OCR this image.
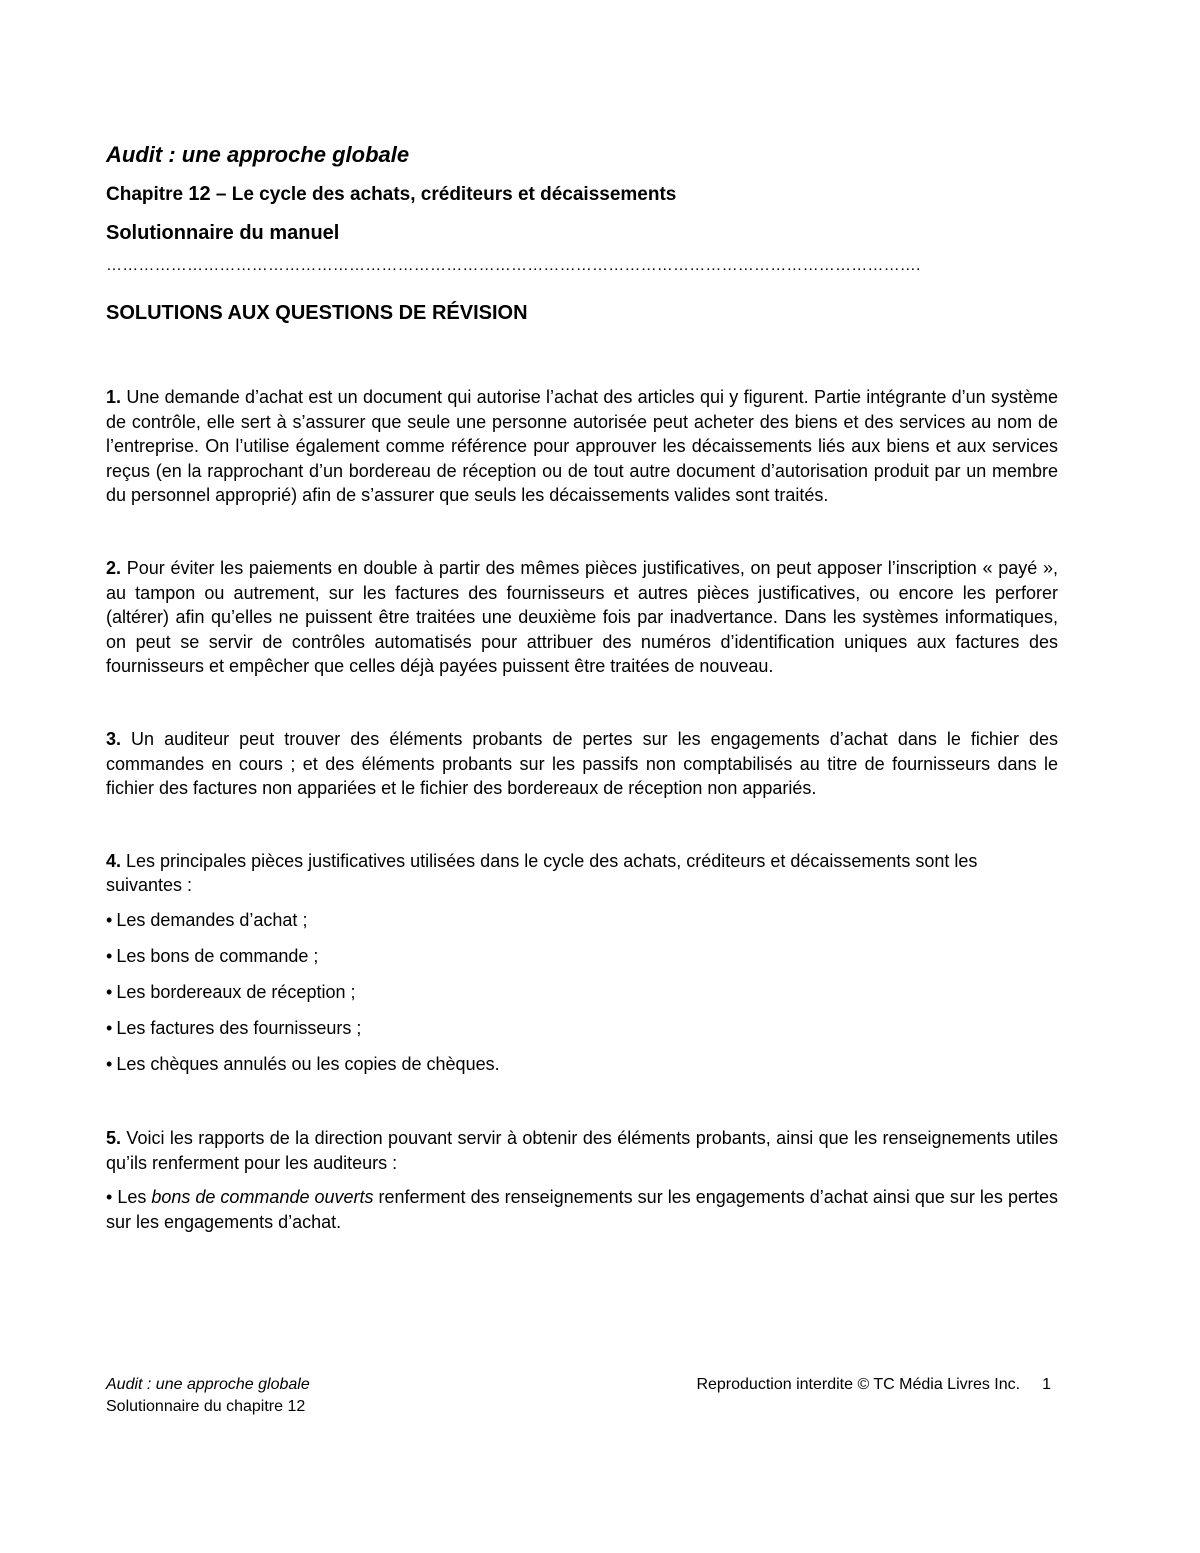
Audit : une approche globale

Chapitre 12 – Le cycle des achats, créditeurs et décaissements

Solutionnaire du manuel

…………………………………………………………………………………………………………………………………….

SOLUTIONS AUX QUESTIONS DE RÉVISION

1. Une demande d’achat est un document qui autorise l’achat des articles qui y figurent. Partie intégrante d’un système de contrôle, elle sert à s’assurer que seule une personne autorisée peut acheter des biens et des services au nom de l’entreprise. On l’utilise également comme référence pour approuver les décaissements liés aux biens et aux services reçus (en la rapprochant d’un bordereau de réception ou de tout autre document d’autorisation produit par un membre du personnel approprié) afin de s’assurer que seuls les décaissements valides sont traités.

2. Pour éviter les paiements en double à partir des mêmes pièces justificatives, on peut apposer l’inscription « payé », au tampon ou autrement, sur les factures des fournisseurs et autres pièces justificatives, ou encore les perforer (altérer) afin qu’elles ne puissent être traitées une deuxième fois par inadvertance. Dans les systèmes informatiques, on peut se servir de contrôles automatisés pour attribuer des numéros d’identification uniques aux factures des fournisseurs et empêcher que celles déjà payées puissent être traitées de nouveau.

3. Un auditeur peut trouver des éléments probants de pertes sur les engagements d’achat dans le fichier des commandes en cours ; et des éléments probants sur les passifs non comptabilisés au titre de fournisseurs dans le fichier des factures non appariées et le fichier des bordereaux de réception non appariés.

4. Les principales pièces justificatives utilisées dans le cycle des achats, créditeurs et décaissements sont les suivantes :

• Les demandes d’achat ;
• Les bons de commande ;
• Les bordereaux de réception ;
• Les factures des fournisseurs ;
• Les chèques annulés ou les copies de chèques.

5. Voici les rapports de la direction pouvant servir à obtenir des éléments probants, ainsi que les renseignements utiles qu’ils renferment pour les auditeurs :

• Les bons de commande ouverts renferment des renseignements sur les engagements d’achat ainsi que sur les pertes sur les engagements d’achat.

Audit : une approche globale
Solutionnaire du chapitre 12
Reproduction interdite © TC Média Livres Inc. 1
